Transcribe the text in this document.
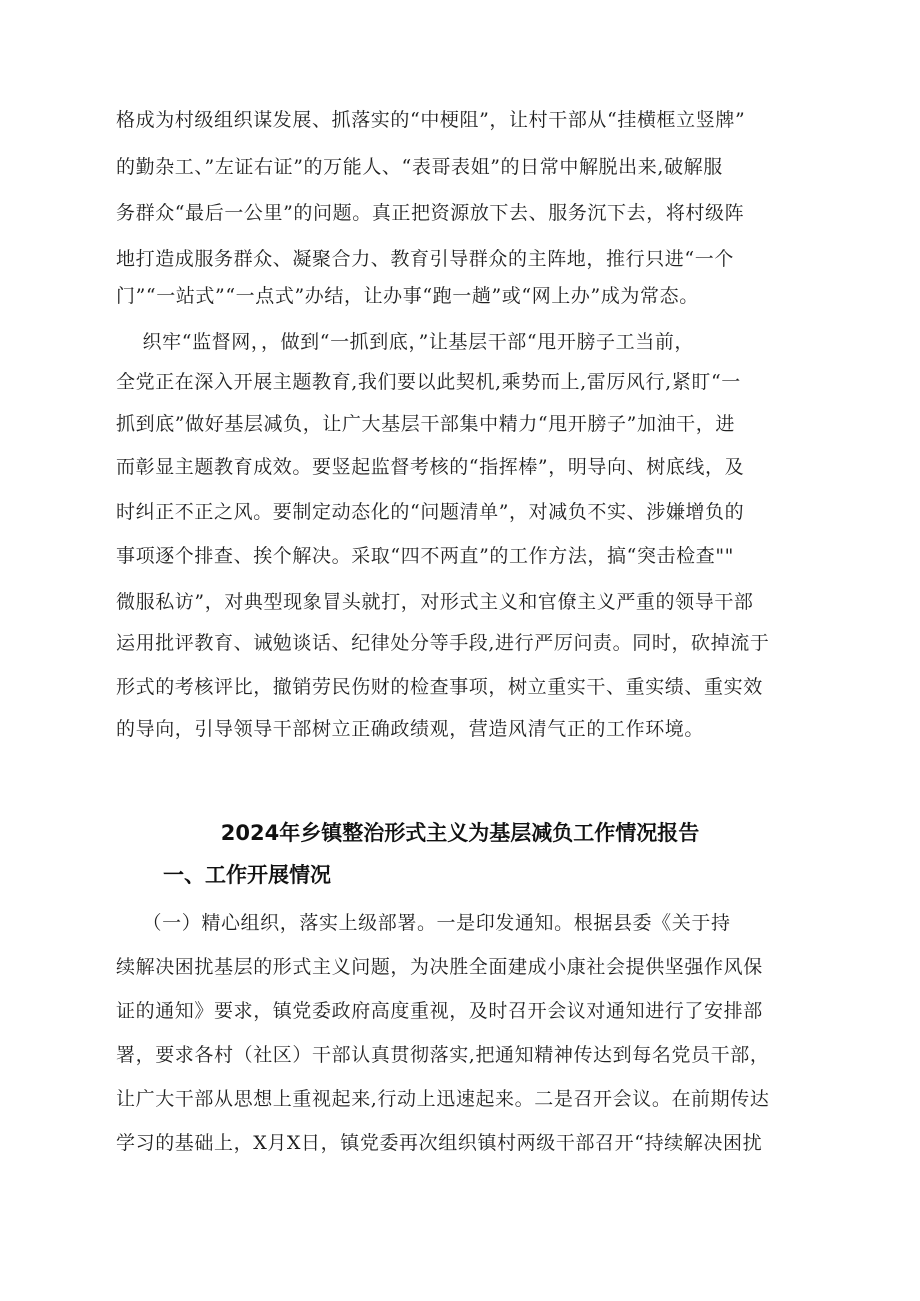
格成为村级组织谋发展、抓落实的“中梗阻”，让村干部从“挂横框立竖牌”
的勤杂工、”左证右证”的万能人、“表哥表姐”的日常中解脱出来,破解服
务群众“最后一公里”的问题。真正把资源放下去、服务沉下去，将村级阵
地打造成服务群众、凝聚合力、教育引导群众的主阵地，推行只进“一个
门”“一站式”“一点式”办结，让办事“跑一趟”或“网上办”成为常态。
织牢“监督网，，做到“一抓到底，”让基层干部“甩开膀子工当前，
全党正在深入开展主题教育,我们要以此契机,乘势而上,雷厉风行,紧盯“一
抓到底”做好基层减负，让广大基层干部集中精力“甩开膀子”加油干，进
而彰显主题教育成效。要竖起监督考核的“指挥棒”，明导向、树底线，及
时纠正不正之风。要制定动态化的“问题清单”，对减负不实、涉嫌增负的
事项逐个排查、挨个解决。采取“四不两直”的工作方法，搞“突击检查""
微服私访”，对典型现象冒头就打，对形式主义和官僚主义严重的领导干部
运用批评教育、诫勉谈话、纪律处分等手段,进行严厉问责。同时，砍掉流于
形式的考核评比，撤销劳民伤财的检查事项，树立重实干、重实绩、重实效
的导向，引导领导干部树立正确政绩观，营造风清气正的工作环境。
2024年乡镇整治形式主义为基层减负工作情况报告
一、工作开展情况
（一）精心组织，落实上级部署。一是印发通知。根据县委《关于持
续解决困扰基层的形式主义问题，为决胜全面建成小康社会提供坚强作风保
证的通知》要求，镇党委政府高度重视，及时召开会议对通知进行了安排部
署，要求各村（社区）干部认真贯彻落实,把通知精神传达到每名党员干部，
让广大干部从思想上重视起来,行动上迅速起来。二是召开会议。在前期传达
学习的基础上，X月X日，镇党委再次组织镇村两级干部召开“持续解决困扰
